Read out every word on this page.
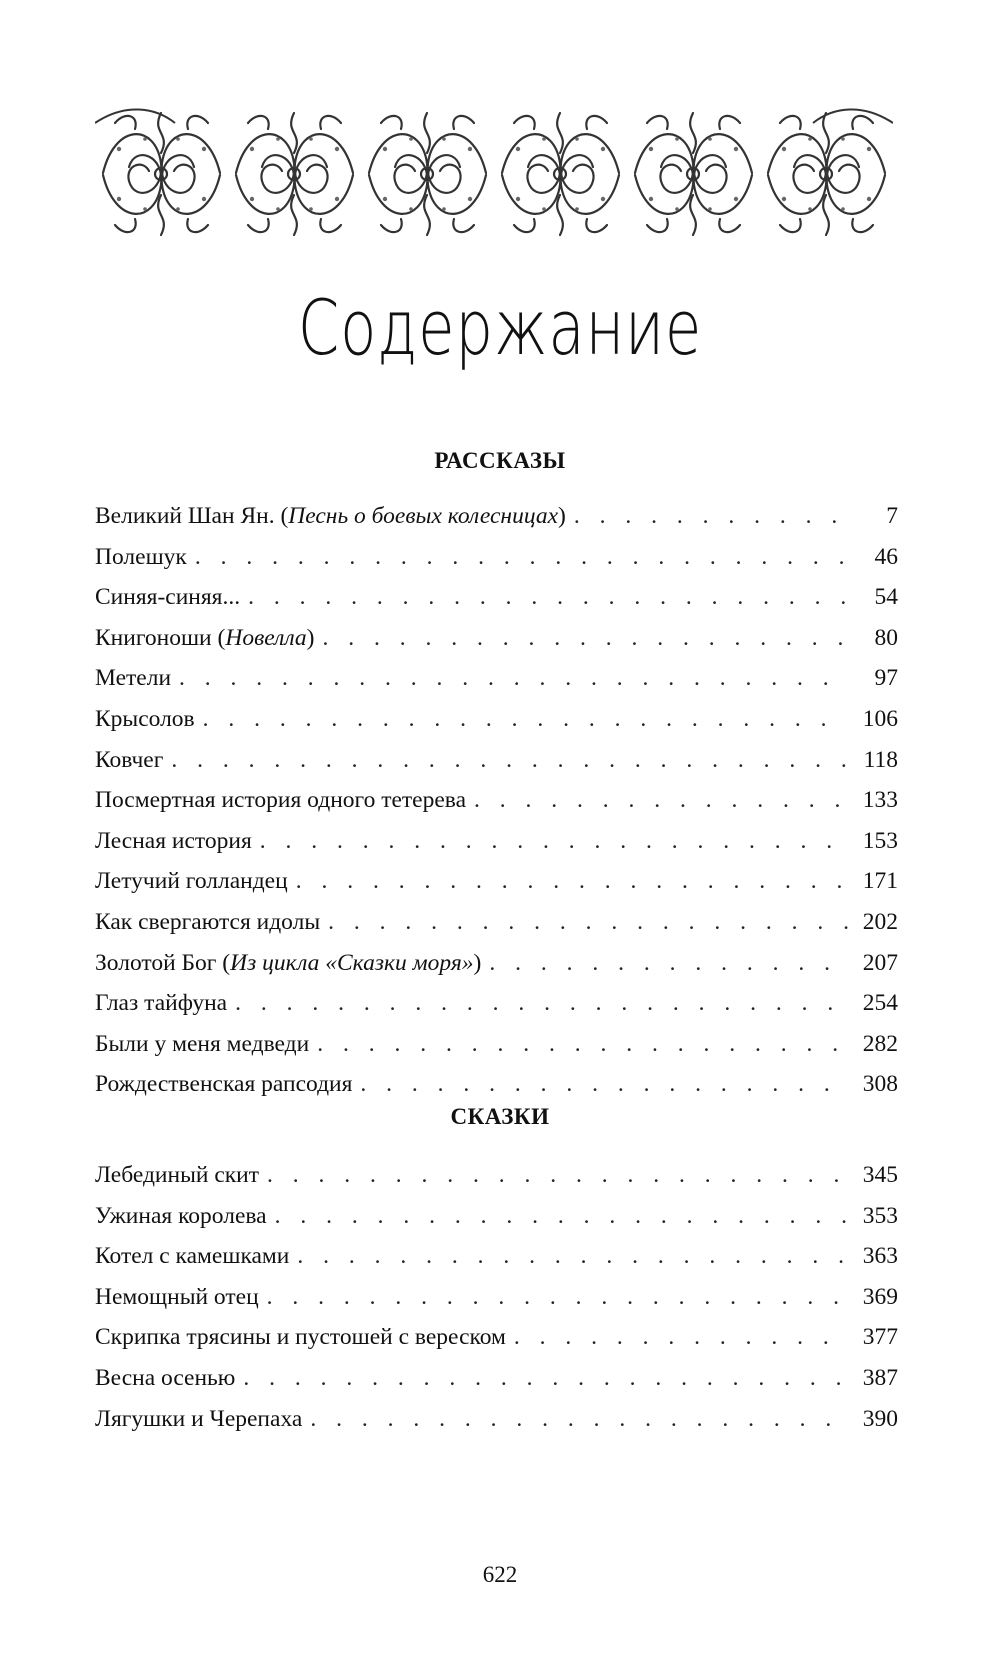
Содержание
РАССКАЗЫ
Великий Шан Ян. (Песнь о боевых колесницах) . . .	7
Полешук . . .	46
Синяя-синяя... . . .	54
Книгоноши (Новелла) . . .	80
Метели . . .	97
Крысолов . . .	106
Ковчег . . .	118
Посмертная история одного тетерева . . .	133
Лесная история . . .	153
Летучий голландец . . .	171
Как свергаются идолы . . .	202
Золотой Бог (Из цикла «Сказки моря») . . .	207
Глаз тайфуна . . .	254
Были у меня медведи . . .	282
Рождественская рапсодия . . .	308
СКАЗКИ
Лебединый скит . . .	345
Ужиная королева . . .	353
Котел с камешками . . .	363
Немощный отец . . .	369
Скрипка трясины и пустошей с вереском . . .	377
Весна осенью . . .	387
Лягушки и Черепаха . . .	390
622
